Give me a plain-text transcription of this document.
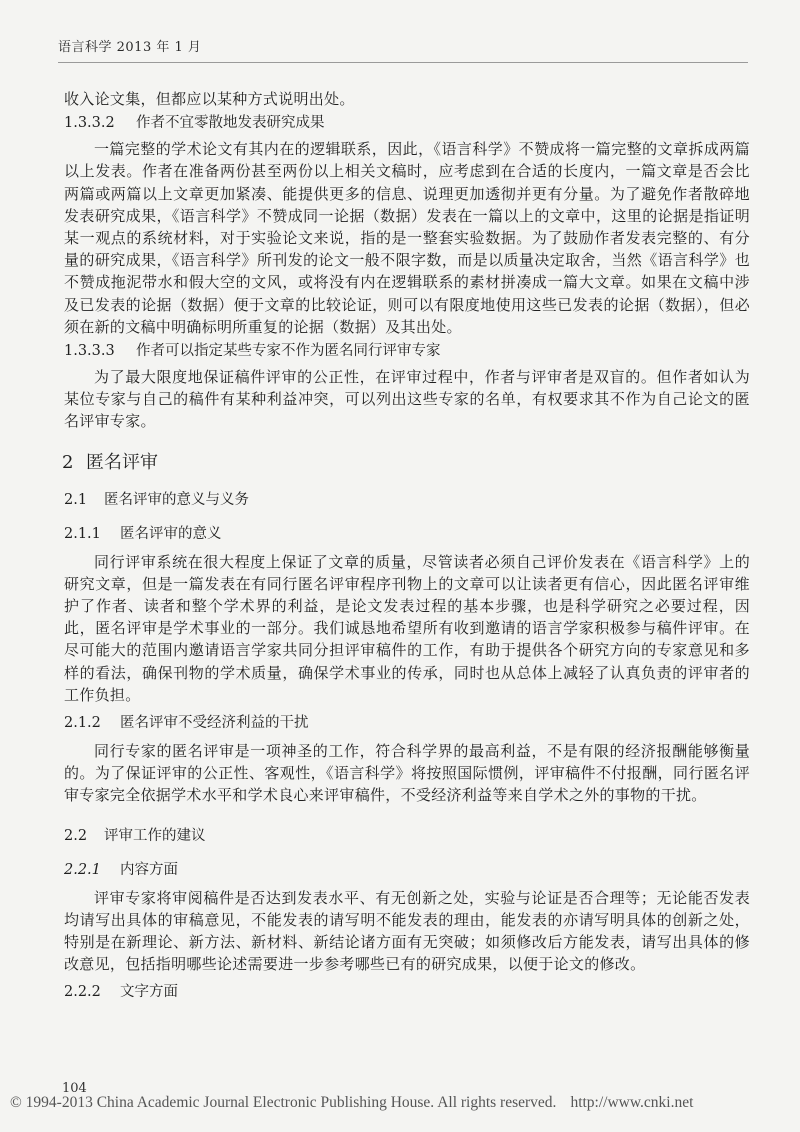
语言科学 2013 年 1 月

收入论文集，但都应以某种方式说明出处。

1.3.3.2 作者不宜零散地发表研究成果

一篇完整的学术论文有其内在的逻辑联系，因此，《语言科学》不赞成将一篇完整的文章拆成两篇以上发表。作者在准备两份甚至两份以上相关文稿时，应考虑到在合适的长度内，一篇文章是否会比两篇或两篇以上文章更加紧凑、能提供更多的信息、说理更加透彻并更有分量。为了避免作者散碎地发表研究成果，《语言科学》不赞成同一论据（数据）发表在一篇以上的文章中，这里的论据是指证明某一观点的系统材料，对于实验论文来说，指的是一整套实验数据。为了鼓励作者发表完整的、有分量的研究成果，《语言科学》所刊发的论文一般不限字数，而是以质量决定取舍，当然《语言科学》也不赞成拖泥带水和假大空的文风，或将没有内在逻辑联系的素材拼凑成一篇大文章。如果在文稿中涉及已发表的论据（数据）便于文章的比较论证，则可以有限度地使用这些已发表的论据（数据），但必须在新的文稿中明确标明所重复的论据（数据）及其出处。

1.3.3.3 作者可以指定某些专家不作为匿名同行评审专家

为了最大限度地保证稿件评审的公正性，在评审过程中，作者与评审者是双盲的。但作者如认为某位专家与自己的稿件有某种利益冲突，可以列出这些专家的名单，有权要求其不作为自己论文的匿名评审专家。

2 匿名评审
2.1 匿名评审的意义与义务
2.1.1 匿名评审的意义

同行评审系统在很大程度上保证了文章的质量，尽管读者必须自己评价发表在《语言科学》上的研究文章，但是一篇发表在有同行匿名评审程序刊物上的文章可以让读者更有信心，因此匿名评审维护了作者、读者和整个学术界的利益，是论文发表过程的基本步骤，也是科学研究之必要过程，因此，匿名评审是学术事业的一部分。我们诚恳地希望所有收到邀请的语言学家积极参与稿件评审。在尽可能大的范围内邀请语言学家共同分担评审稿件的工作，有助于提供各个研究方向的专家意见和多样的看法，确保刊物的学术质量，确保学术事业的传承，同时也从总体上减轻了认真负责的评审者的工作负担。

2.1.2 匿名评审不受经济利益的干扰

同行专家的匿名评审是一项神圣的工作，符合科学界的最高利益，不是有限的经济报酬能够衡量的。为了保证评审的公正性、客观性，《语言科学》将按照国际惯例，评审稿件不付报酬，同行匿名评审专家完全依据学术水平和学术良心来评审稿件，不受经济利益等来自学术之外的事物的干扰。

2.2 评审工作的建议
2.2.1 内容方面

评审专家将审阅稿件是否达到发表水平、有无创新之处，实验与论证是否合理等；无论能否发表均请写出具体的审稿意见，不能发表的请写明不能发表的理由，能发表的亦请写明具体的创新之处，特别是在新理论、新方法、新材料、新结论诸方面有无突破；如须修改后方能发表，请写出具体的修改意见，包括指明哪些论述需要进一步参考哪些已有的研究成果，以便于论文的修改。

2.2.2 文字方面
104
© 1994-2013 China Academic Journal Electronic Publishing House. All rights reserved. http://www.cnki.net
